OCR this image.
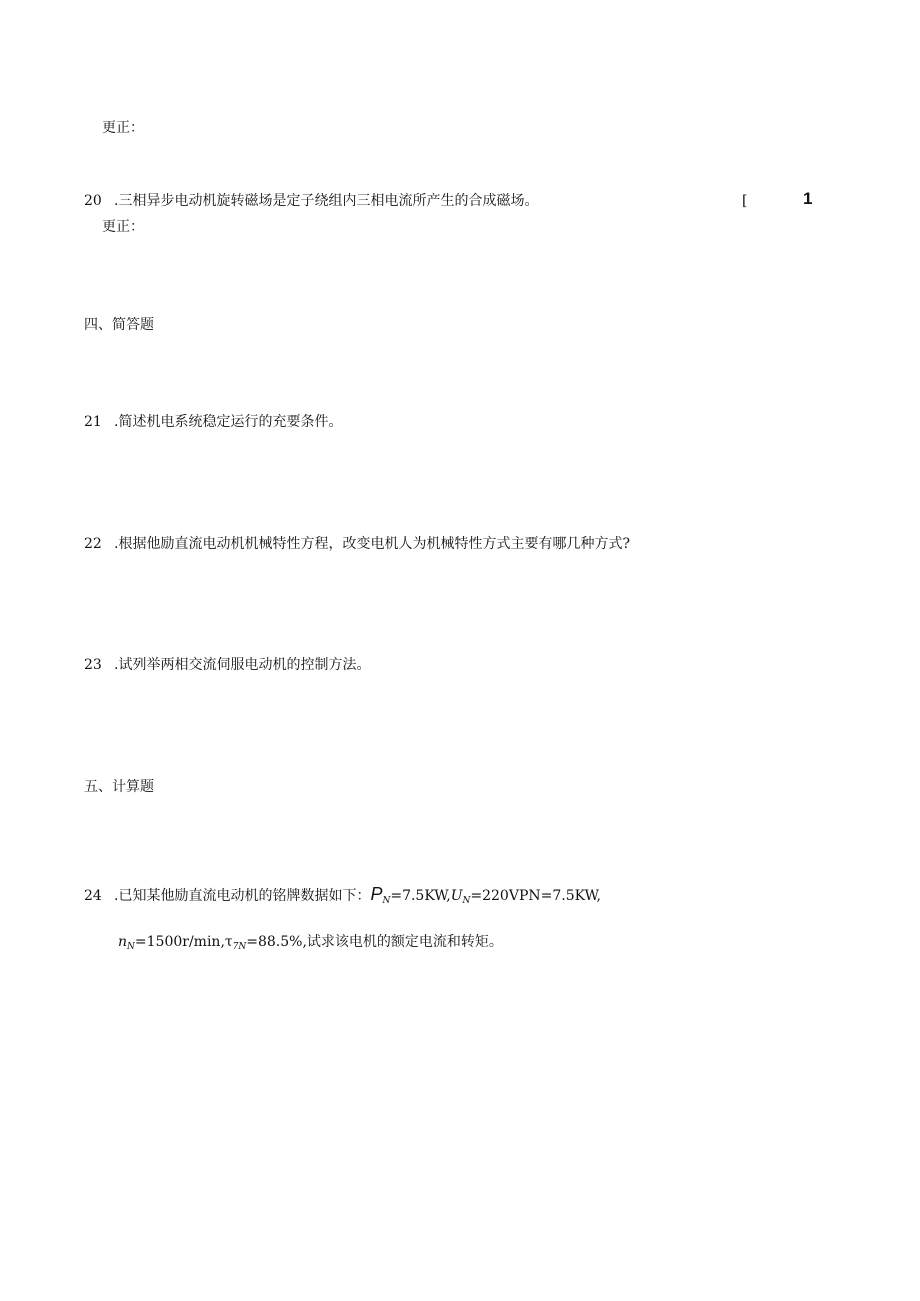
更正：
20 .三相异步电动机旋转磁场是定子绕组内三相电流所产生的合成磁场。	[	1
更正：
四、简答题
21 .简述机电系统稳定运行的充要条件。
22 .根据他励直流电动机机械特性方程，改变电机人为机械特性方式主要有哪几种方式?
23 .试列举两相交流伺服电动机的控制方法。
五、计算题
24 .已知某他励直流电动机的铭牌数据如下：$P_N=7.5KW,U_N=220VPN=7.5KW$,
$n_N=1500r/\min,\tau_{7N}=88.5\%$,试求该电机的额定电流和转矩。
